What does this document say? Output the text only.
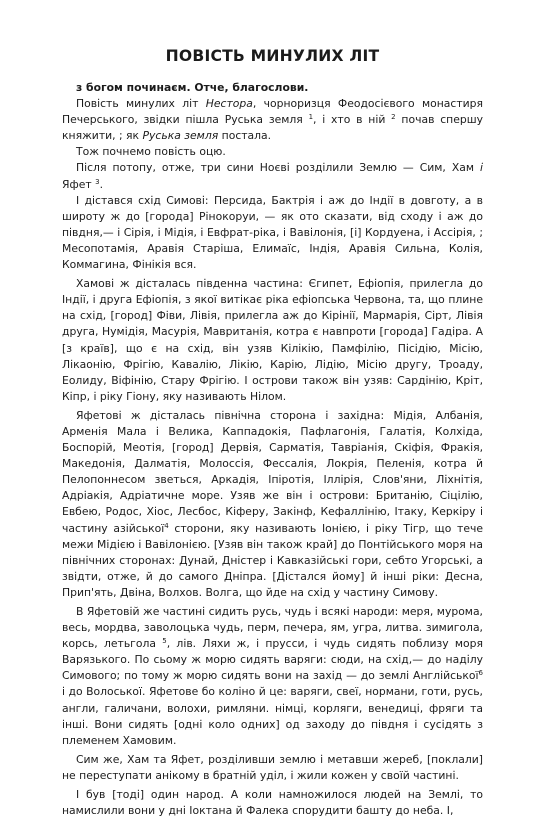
ПОВІСТЬ МИНУЛИХ ЛІТ

з богом починаєм. Отче, благослови.

Повість минулих літ Нестора, чорноризця Феодосієвого монастиря Печерського, звідки пішла Руська земля $^1$, і хто в ній $^2$ почав спершу княжити, ; як Руська земля постала.

Тож почнемо повість оцю.

Після потопу, отже, три сини Ноєві розділили Землю — Сим, Хам і Яфет $^3$.

І дістався схід Симові: Персида, Бактрія і аж до Індії в довготу, а в широту ж до [города] Рінокоруи, — як ото сказати, від сходу і аж до півдня,— і Сірія, і Мідія, і Евфрат-ріка, і Вавілонія, [і] Кордуена, і Ассірія, ; Месопотамія, Аравія Старіша, Елимаїс, Індія, Аравія Сильна, Колія, Коммагина, Фінікія вся.

Хамові ж дісталась південна частина: Єгипет, Ефіопія, прилегла до Індії, і друга Ефіопія, з якої витікає ріка ефіопська Червона, та, що плине на схід, [город] Фіви, Лівія, прилегла аж до Кірінії, Мармарія, Сірт, Лівія друга, Нумідія, Масурія, Мавританія, котра є навпроти [города] Гадіра. А [з країв], що є на схід, він узяв Кілікію, Памфілію, Пісідію, Місію, Лікаонію, Фрігію, Кавалію, Лікію, Карію, Лідію, Місію другу, Троаду, Еолиду, Віфінію, Стару Фрігію. І острови також він узяв: Сардінію, Кріт, Кіпр, і ріку Гіону, яку називають Нілом.

Яфетові ж дісталась північна сторона і західна: Мідія, Албанія, Арменія Мала і Велика, Каппадокія, Пафлагонія, Галатія, Колхіда, Боспорій, Меотія, [город] Дервія, Сарматія, Тавріанія, Скіфія, Фракія, Македонія, Далматія, Молоссія, Фессалія, Локрія, Пеленія, котра й Пелопоннесом зветься, Аркадія, Іпіротія, Іллірія, Слов'яни, Ліхнітія, Адріакія, Адріатичне море. Узяв же він і острови: Британію, Сіцілію, Евбею, Родос, Хіос, Лесбос, Кіферу, Закінф, Кефаллінію, Ітаку, Керкіру і частину азійської$^4$ сторони, яку називають Іонією, і ріку Тігр, що тече межи Мідією і Вавілонією. [Узяв він також край] до Понтійського моря на північних сторонах: Дунай, Дністер і Кавказійські гори, себто Угорські, а звідти, отже, й до самого Дніпра. [Дістался йому] й інші ріки: Десна, Прип'ять, Двіна, Волхов. Волга, що йде на схід у частину Симову.

В Яфетовій же частині сидить русь, чудь і всякі народи: меря, мурома, весь, мордва, заволоцька чудь, перм, печера, ям, угра, литва. зимигола, корсь, летьгола $^5$, лів. Ляхи ж, і прусси, і чудь сидять поблизу моря Варязького. По сьому ж морю сидять варяги: сюди, на схід,— до наділу Симового; по тому ж морю сидять вони на захід — до землі Англійської$^6$ і до Волоської. Яфетове бо коліно й це: варяги, свеї, нормани, готи, русь, англи, галичани, волохи, римляни. німці, корляги, венедиці, фряги та інші. Вони сидять [одні коло одних] од заходу до півдня і сусідять з племенем Хамовим.

Сим же, Хам та Яфет, розділивши землю і метавши жереб, [поклали] не переступати анікому в братній уділ, і жили кожен у своїй частині.

І був [тоді] один народ. А коли намножилося людей на Землі, то намислили вони у дні Іоктана й Фалека спорудити башту до неба. І,
